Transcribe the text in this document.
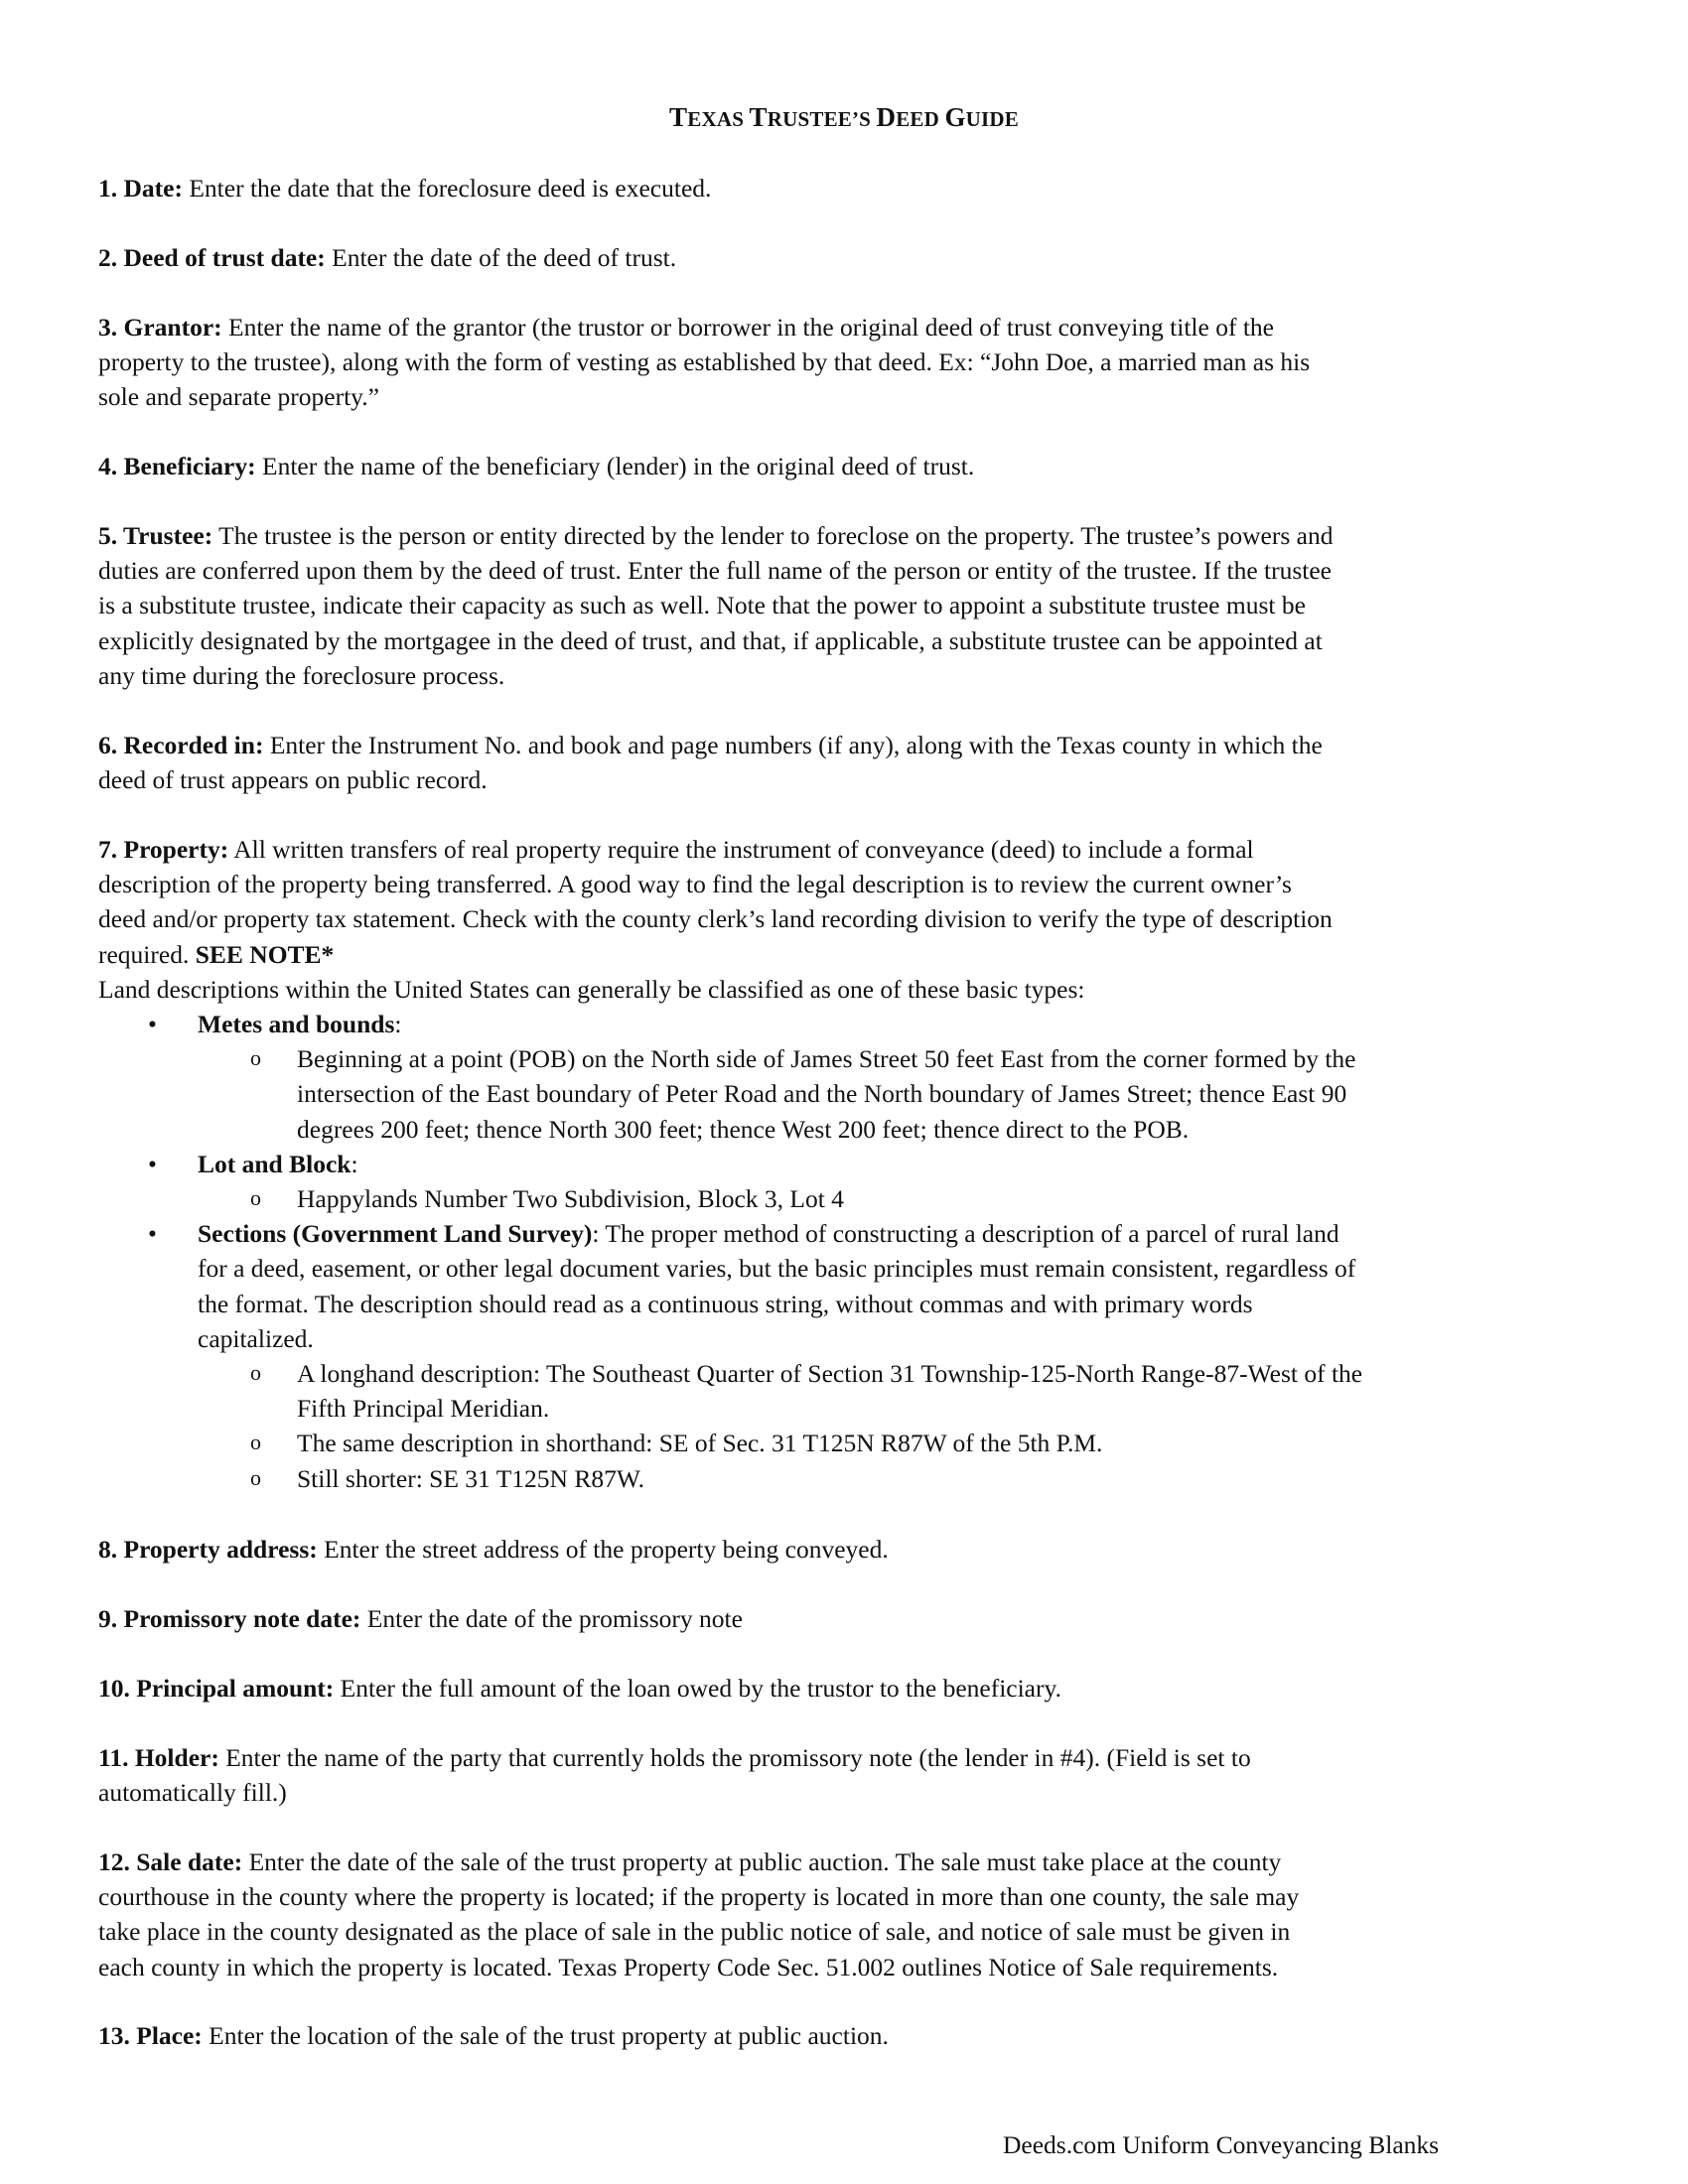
TEXAS TRUSTEE’S DEED GUIDE
1. Date: Enter the date that the foreclosure deed is executed.
2. Deed of trust date: Enter the date of the deed of trust.
3. Grantor: Enter the name of the grantor (the trustor or borrower in the original deed of trust conveying title of the
property to the trustee), along with the form of vesting as established by that deed. Ex: “John Doe, a married man as his
sole and separate property.”
4. Beneficiary: Enter the name of the beneficiary (lender) in the original deed of trust.
5. Trustee: The trustee is the person or entity directed by the lender to foreclose on the property. The trustee’s powers and
duties are conferred upon them by the deed of trust. Enter the full name of the person or entity of the trustee. If the trustee
is a substitute trustee, indicate their capacity as such as well. Note that the power to appoint a substitute trustee must be
explicitly designated by the mortgagee in the deed of trust, and that, if applicable, a substitute trustee can be appointed at
any time during the foreclosure process.
6. Recorded in: Enter the Instrument No. and book and page numbers (if any), along with the Texas county in which the
deed of trust appears on public record.
7. Property: All written transfers of real property require the instrument of conveyance (deed) to include a formal
description of the property being transferred. A good way to find the legal description is to review the current owner’s
deed and/or property tax statement. Check with the county clerk’s land recording division to verify the type of description
required. SEE NOTE*
Land descriptions within the United States can generally be classified as one of these basic types:
• Metes and bounds:
o Beginning at a point (POB) on the North side of James Street 50 feet East from the corner formed by the
intersection of the East boundary of Peter Road and the North boundary of James Street; thence East 90
degrees 200 feet; thence North 300 feet; thence West 200 feet; thence direct to the POB.
• Lot and Block:
o Happylands Number Two Subdivision, Block 3, Lot 4
• Sections (Government Land Survey): The proper method of constructing a description of a parcel of rural land
for a deed, easement, or other legal document varies, but the basic principles must remain consistent, regardless of
the format. The description should read as a continuous string, without commas and with primary words
capitalized.
o A longhand description: The Southeast Quarter of Section 31 Township-125-North Range-87-West of the
Fifth Principal Meridian.
o The same description in shorthand: SE of Sec. 31 T125N R87W of the 5th P.M.
o Still shorter: SE 31 T125N R87W.
8. Property address: Enter the street address of the property being conveyed.
9. Promissory note date: Enter the date of the promissory note
10. Principal amount: Enter the full amount of the loan owed by the trustor to the beneficiary.
11. Holder: Enter the name of the party that currently holds the promissory note (the lender in #4). (Field is set to
automatically fill.)
12. Sale date: Enter the date of the sale of the trust property at public auction. The sale must take place at the county
courthouse in the county where the property is located; if the property is located in more than one county, the sale may
take place in the county designated as the place of sale in the public notice of sale, and notice of sale must be given in
each county in which the property is located. Texas Property Code Sec. 51.002 outlines Notice of Sale requirements.
13. Place: Enter the location of the sale of the trust property at public auction.
Deeds.com Uniform Conveyancing Blanks
